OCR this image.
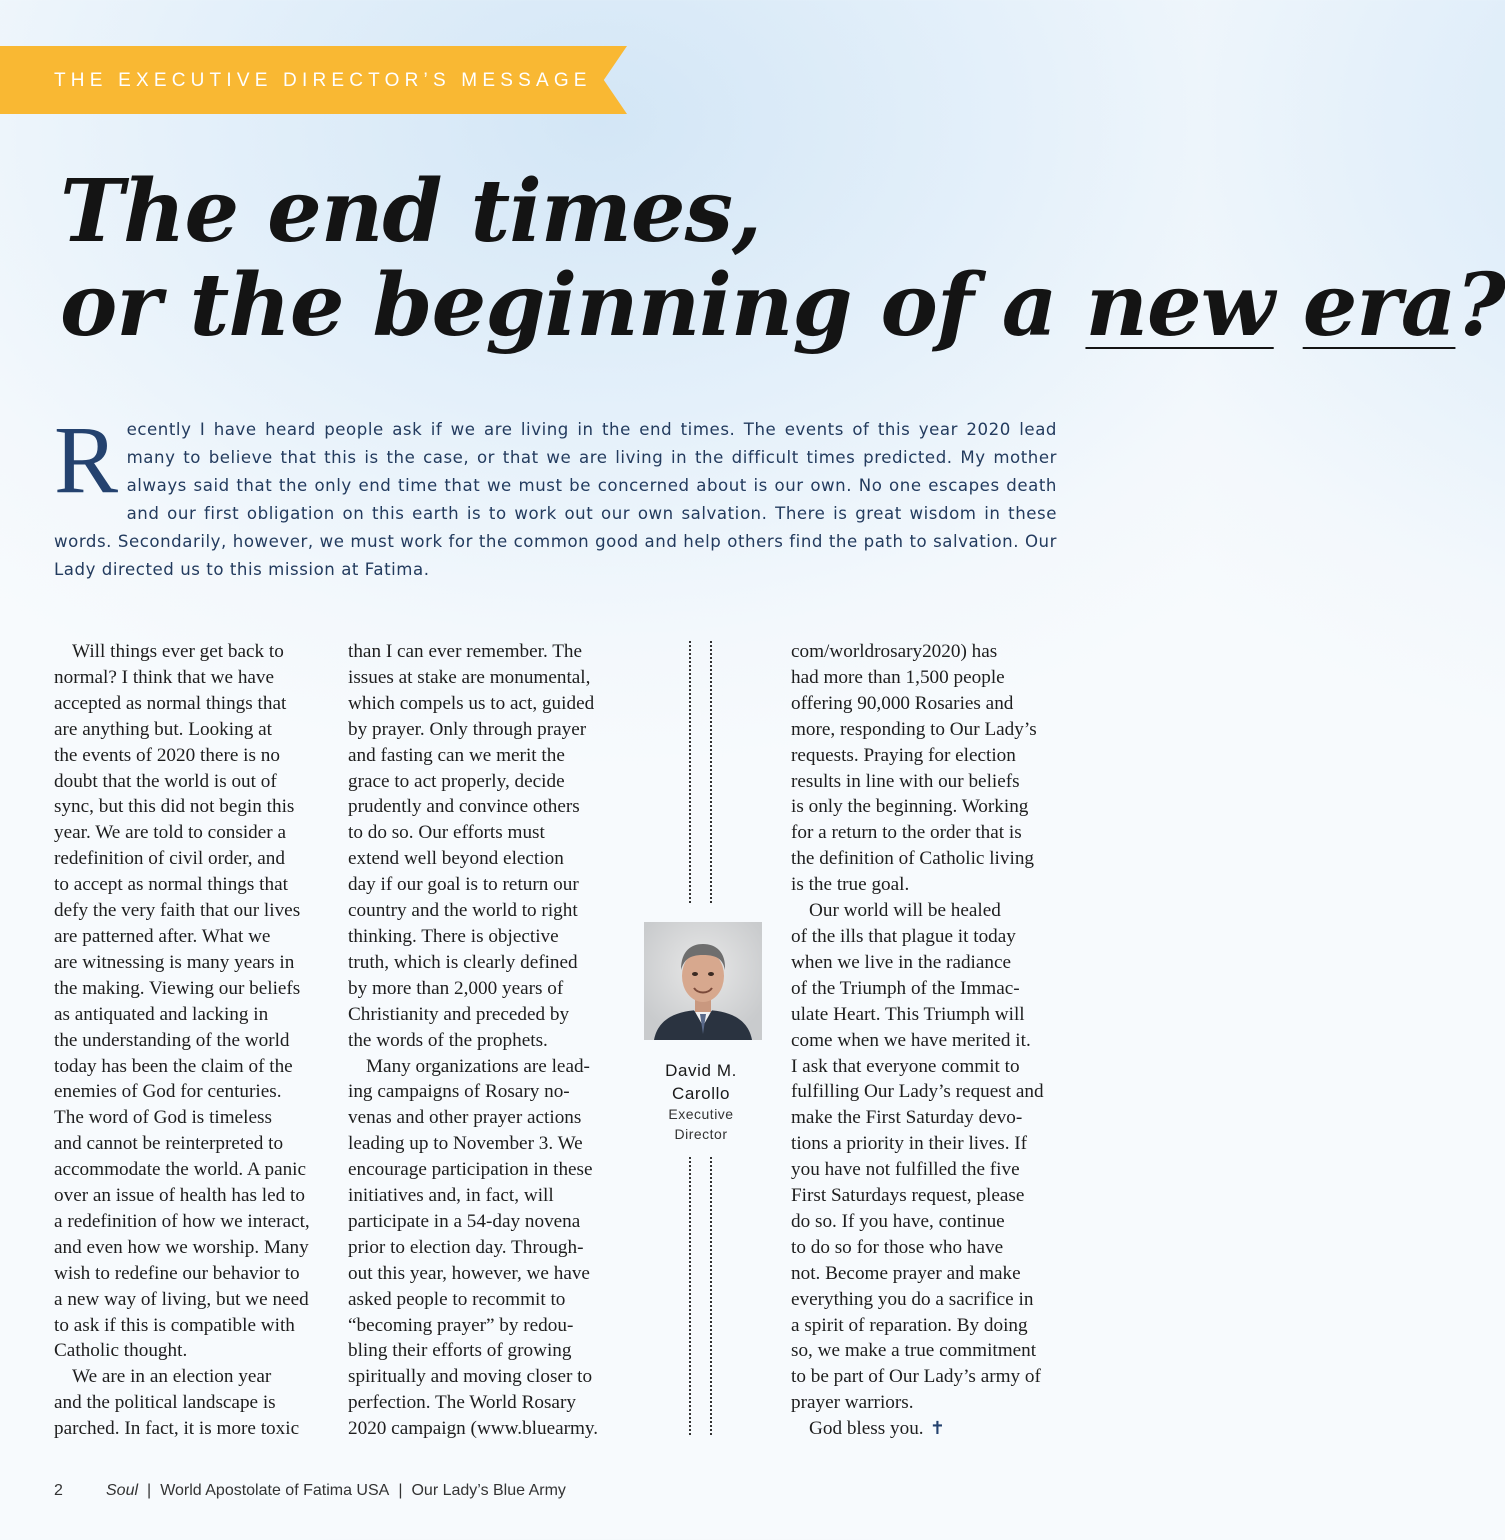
THE EXECUTIVE DIRECTOR’S MESSAGE
The end times,
or the beginning of a new era?
Recently I have heard people ask if we are living in the end times. The events of this year 2020 lead many to believe that this is the case, or that we are living in the difficult times predicted. My mother always said that the only end time that we must be concerned about is our own. No one escapes death and our first obligation on this earth is to work out our own salvation. There is great wisdom in these words. Secondarily, however, we must work for the common good and help others find the path to salvation. Our Lady directed us to this mission at Fatima.

Will things ever get back to

normal? I think that we have

accepted as normal things that

are anything but. Looking at

the events of 2020 there is no

doubt that the world is out of

sync, but this did not begin this

year. We are told to consider a

redefinition of civil order, and

to accept as normal things that

defy the very faith that our lives

are patterned after. What we

are witnessing is many years in

the making. Viewing our beliefs

as antiquated and lacking in

the understanding of the world

today has been the claim of the

enemies of God for centuries.

The word of God is timeless

and cannot be reinterpreted to

accommodate the world. A panic

over an issue of health has led to

a redefinition of how we interact,

and even how we worship. Many

wish to redefine our behavior to

a new way of living, but we need

to ask if this is compatible with

Catholic thought.

We are in an election year

and the political landscape is

parched. In fact, it is more toxic

than I can ever remember. The

issues at stake are monumental,

which compels us to act, guided

by prayer. Only through prayer

and fasting can we merit the

grace to act properly, decide

prudently and convince others

to do so. Our efforts must

extend well beyond election

day if our goal is to return our

country and the world to right

thinking. There is objective

truth, which is clearly defined

by more than 2,000 years of

Christianity and preceded by

the words of the prophets.

Many organizations are lead-

ing campaigns of Rosary no-

venas and other prayer actions

leading up to November 3. We

encourage participation in these

initiatives and, in fact, will

participate in a 54-day novena

prior to election day. Through-

out this year, however, we have

asked people to recommit to

“becoming prayer” by redou-

bling their efforts of growing

spiritually and moving closer to

perfection. The World Rosary

2020 campaign (www.bluearmy.

com/worldrosary2020) has

had more than 1,500 people

offering 90,000 Rosaries and

more, responding to Our Lady’s

requests. Praying for election

results in line with our beliefs

is only the beginning. Working

for a return to the order that is

the definition of Catholic living

is the true goal.

Our world will be healed

of the ills that plague it today

when we live in the radiance

of the Triumph of the Immac-

ulate Heart. This Triumph will

come when we have merited it.

I ask that everyone commit to

fulfilling Our Lady’s request and

make the First Saturday devo-

tions a priority in their lives. If

you have not fulfilled the five

First Saturdays request, please

do so. If you have, continue

to do so for those who have

not. Become prayer and make

everything you do a sacrifice in

a spirit of reparation. By doing

so, we make a true commitment

to be part of Our Lady’s army of

prayer warriors.

God bless you.

✝
David M.
Carollo
Executive
Director
2	Soul | World Apostolate of Fatima USA | Our Lady’s Blue Army
